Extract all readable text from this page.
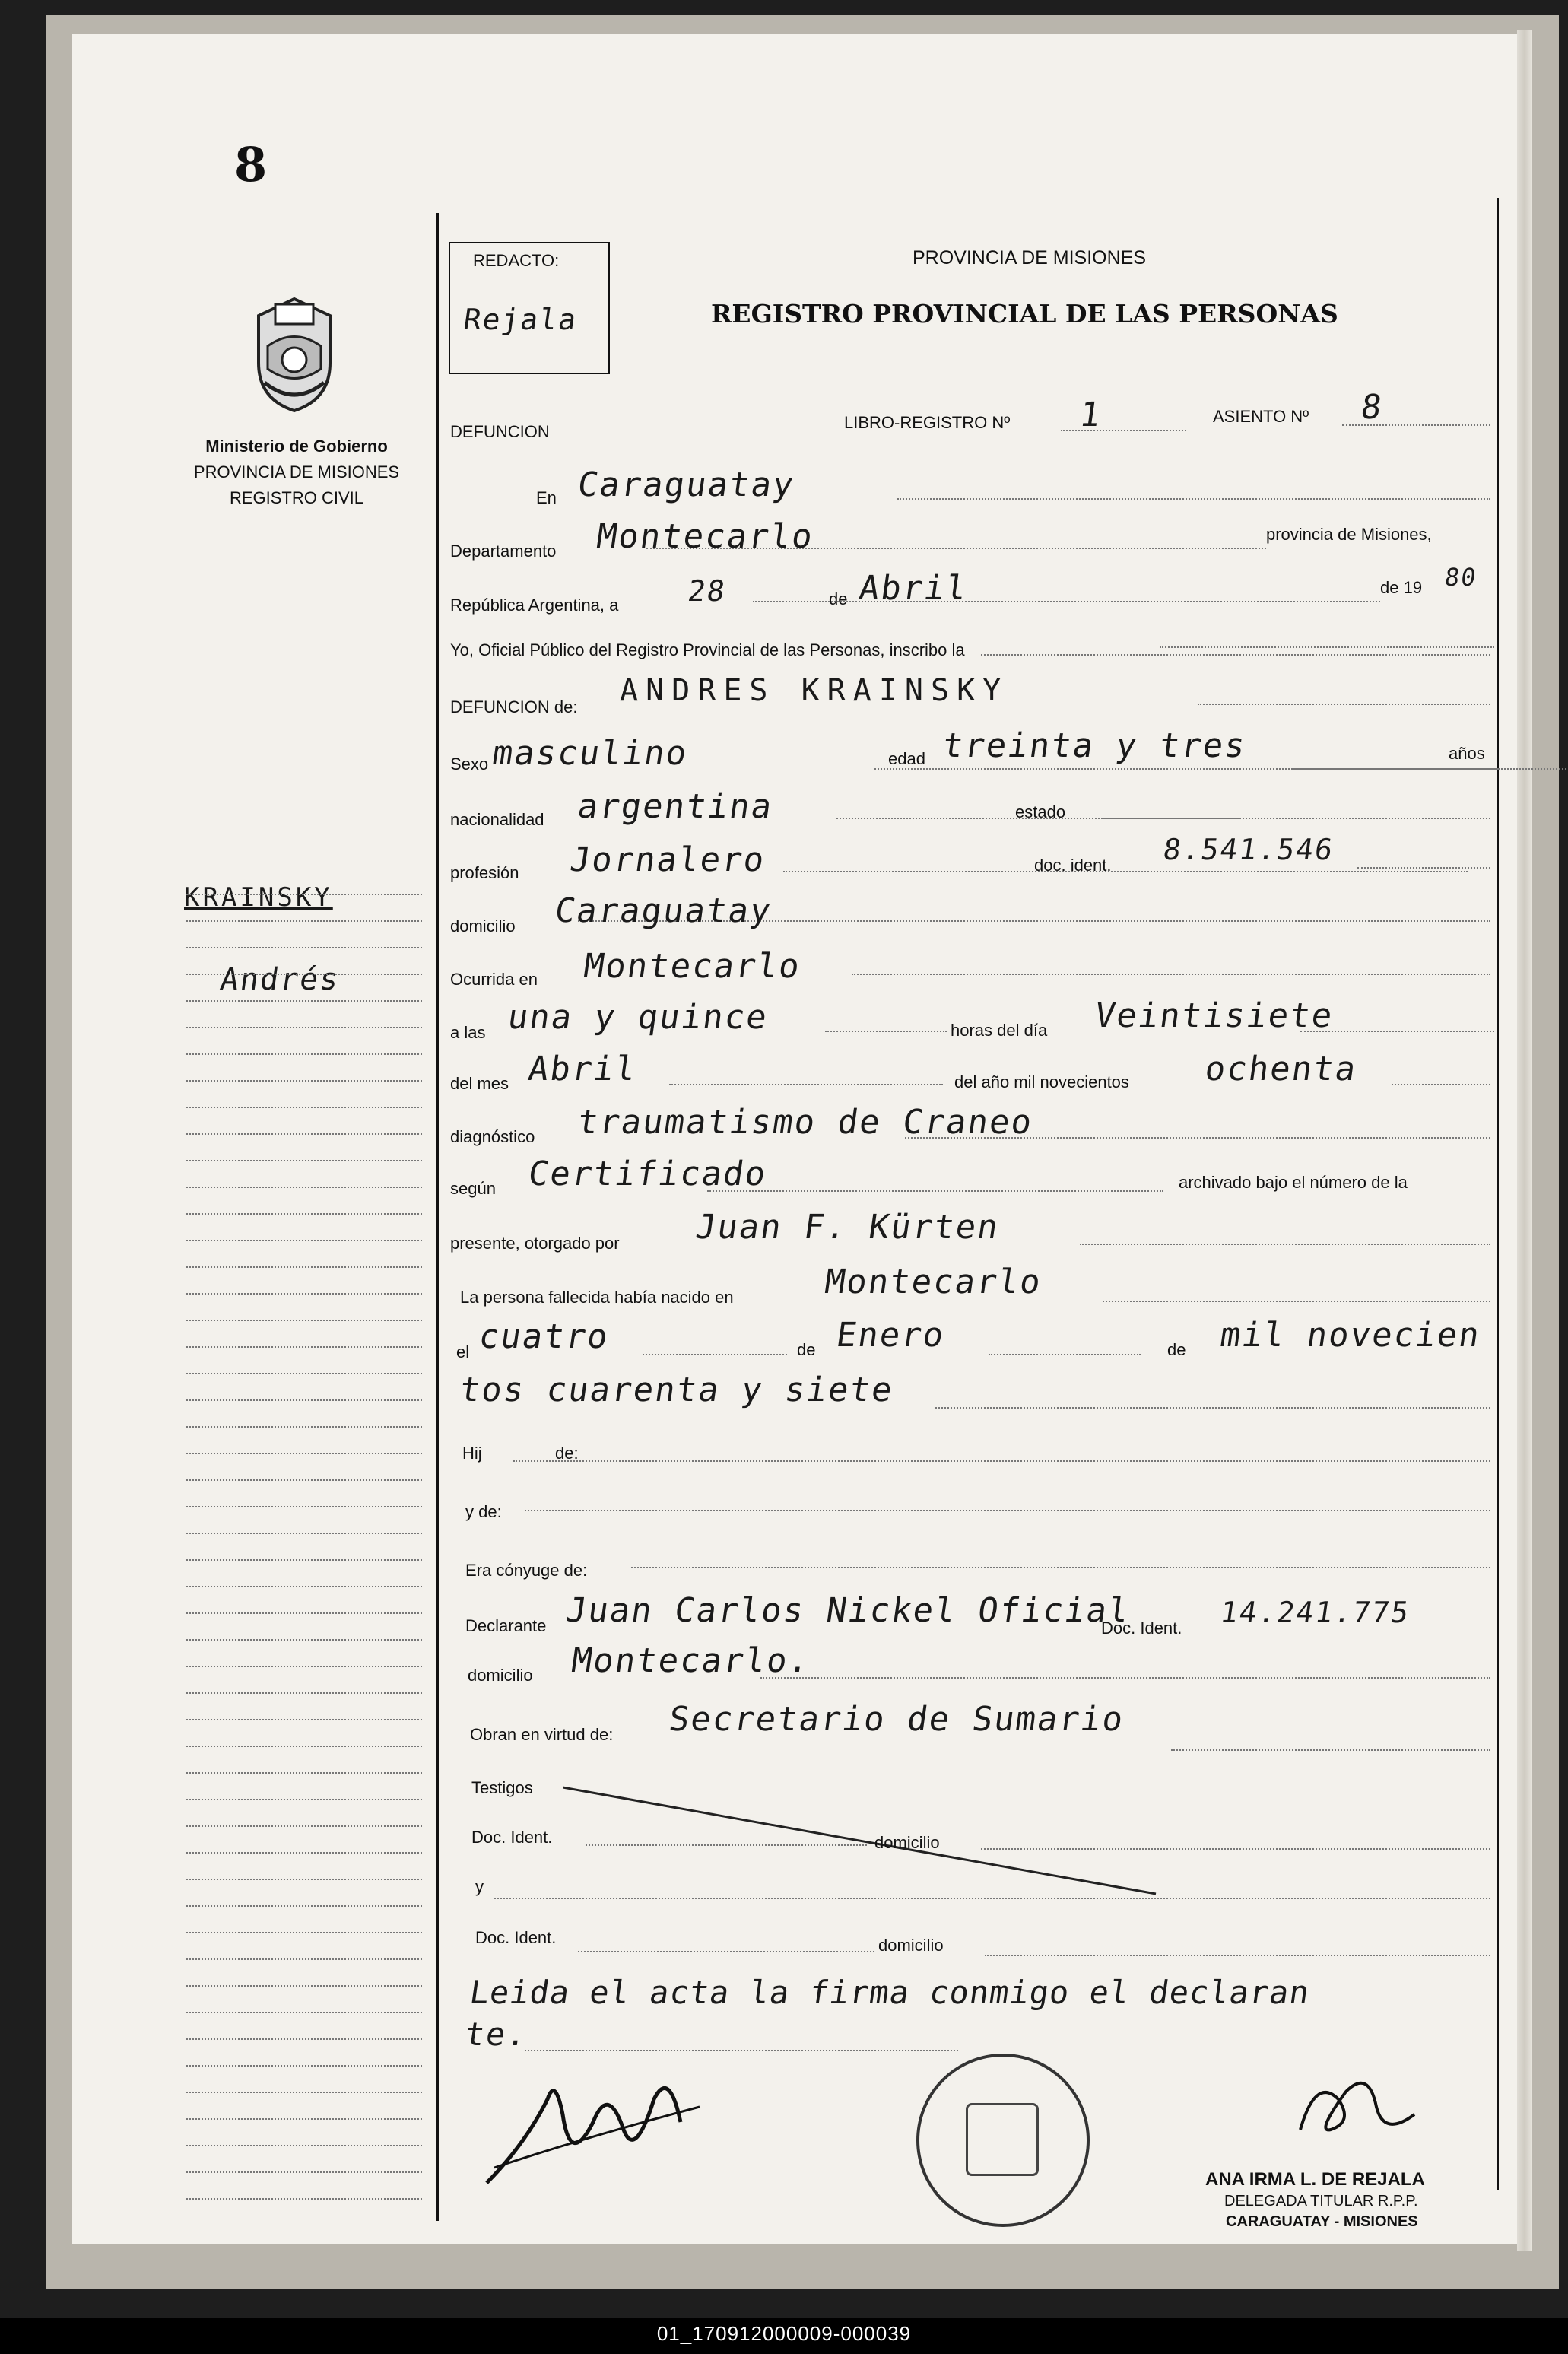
8
Ministerio de Gobierno
PROVINCIA DE MISIONES
REGISTRO CIVIL
KRAINSKY
Andrés
REDACTO:
Rejala
PROVINCIA DE MISIONES
REGISTRO PROVINCIAL DE LAS PERSONAS
DEFUNCION	LIBRO-REGISTRO Nº 1	ASIENTO Nº 8
ANA IRMA L. DE REJALA
DELEGADA TITULAR R.P.P.
CARAGUATAY - MISIONES
01_170912000009-000039
En Caraguatay
Departamento Montecarlo	provincia de Misiones,
República Argentina, a 28	de Abril	de 19 80
Yo, Oficial Público del Registro Provincial de las Personas, inscribo la
DEFUNCION de: ANDRES KRAINSKY
Sexo masculino	edad treinta y tres	años
nacionalidad argentina	estado
profesión Jornalero	doc. ident. 8.541.546
domicilio Caraguatay
Ocurrida en Montecarlo
a las una y quince	horas del día Veintisiete
del mes Abril	del año mil novecientos ochenta
diagnóstico traumatismo de Craneo
según Certificado	archivado bajo el número de la
presente, otorgado por Juan F. Kürten
La persona fallecida había nacido en	Montecarlo
el cuatro	de Enero	de mil novecien
tos cuarenta y siete
Hij	de:
y de:
Era cónyuge de:
Declarante Juan Carlos Nickel Oficial
Doc. Ident. 14.241.775
domicilio Montecarlo.
Obran en virtud de: Secretario de Sumario
Testigos
Doc. Ident.	domicilio
y
Doc. Ident.	domicilio
Leida el acta la firma conmigo el declaran
te.
